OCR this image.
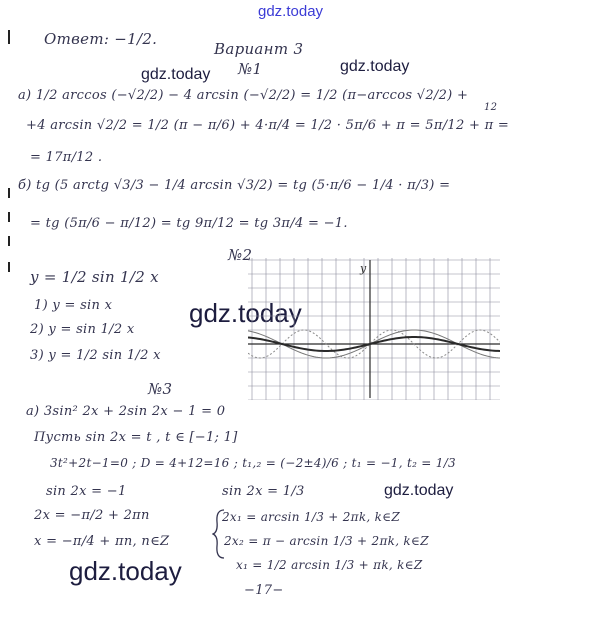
gdz.today
gdz.today	gdz.today
gdz.today
gdz.today
gdz.today
Ответ: −1/2.
Вариант 3
№1
а) 1/2 arccos (−√2/2) − 4 arcsin (−√2/2) = 1/2 (π−arccos √2/2) +
12
+4 arcsin √2/2 = 1/2 (π − π/6) + 4·π/4 = 1/2 · 5π/6 + π = 5π/12 + π =
= 17π/12 .
б) tg (5 arctg √3/3 − 1/4 arcsin √3/2) = tg (5·π/6 − 1/4 · π/3) =
= tg (5π/6 − π/12) = tg 9π/12 = tg 3π/4 = −1.
№2
y = 1/2 sin 1/2 x
1) y = sin x
2) y = sin 1/2 x
3) y = 1/2 sin 1/2 x
№3
а) 3sin² 2x + 2sin 2x − 1 = 0
Пусть sin 2x = t , t ∈ [−1; 1]
3t²+2t−1=0 ; D = 4+12=16 ; t₁,₂ = (−2±4)/6 ; t₁ = −1, t₂ = 1/3
sin 2x = −1
2x = −π/2 + 2πn
x = −π/4 + πn, n∈Z
sin 2x = 1/3
2x₁ = arcsin 1/3 + 2πk, k∈Z
2x₂ = π − arcsin 1/3 + 2πk, k∈Z
x₁ = 1/2 arcsin 1/3 + πk, k∈Z
−17−
y
